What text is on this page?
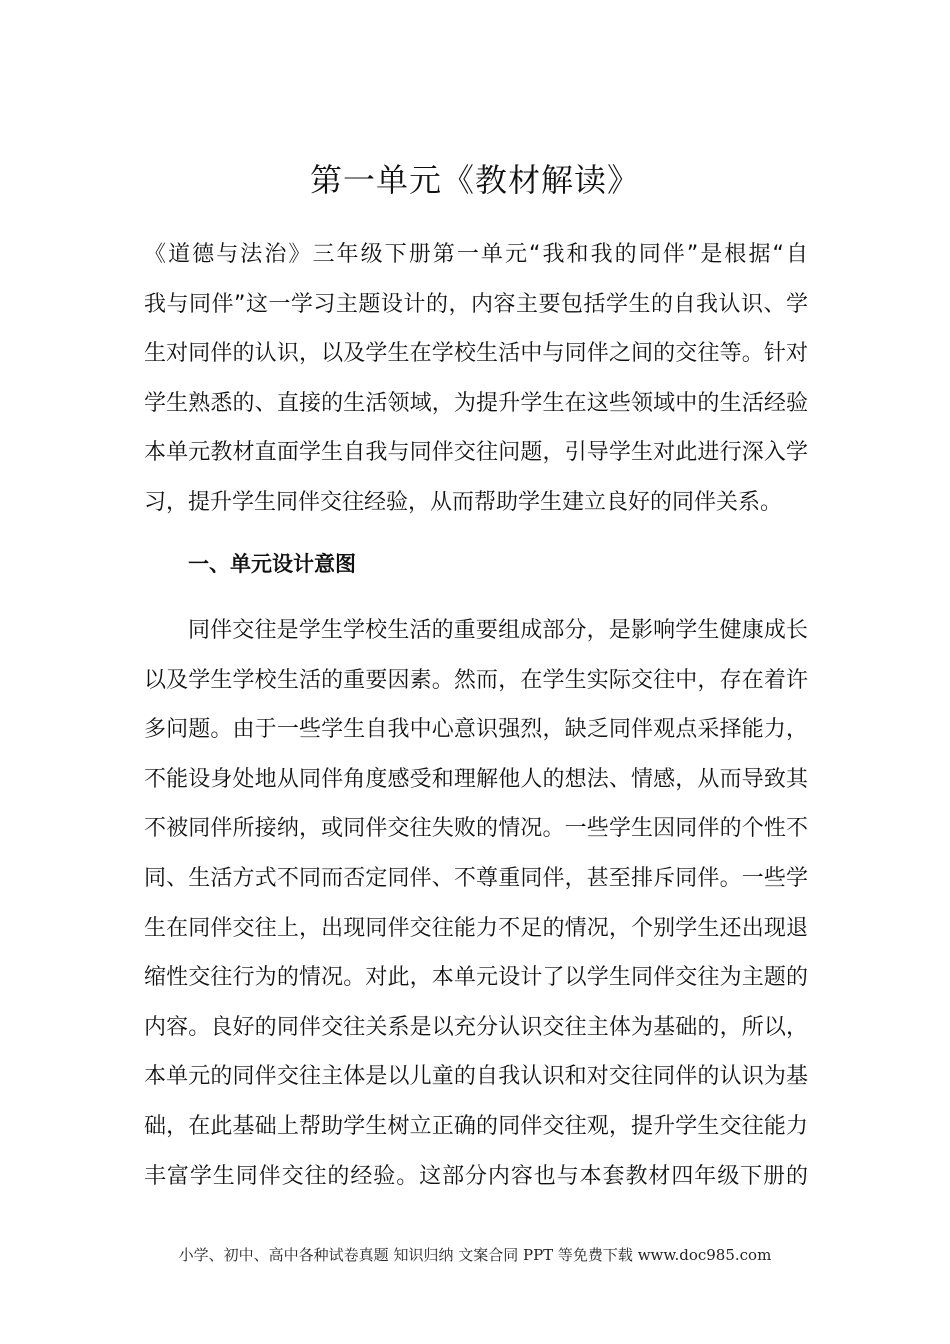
第一单元《教材解读》
《道德与法治》三年级下册第一单元“我和我的同伴”是根据“自
我与同伴”这一学习主题设计的，内容主要包括学生的自我认识、学
生对同伴的认识，以及学生在学校生活中与同伴之间的交往等。针对
学生熟悉的、直接的生活领域，为提升学生在这些领域中的生活经验
本单元教材直面学生自我与同伴交往问题，引导学生对此进行深入学
习，提升学生同伴交往经验，从而帮助学生建立良好的同伴关系。
一、单元设计意图
同伴交往是学生学校生活的重要组成部分，是影响学生健康成长
以及学生学校生活的重要因素。然而，在学生实际交往中，存在着许
多问题。由于一些学生自我中心意识强烈，缺乏同伴观点采择能力，
不能设身处地从同伴角度感受和理解他人的想法、情感，从而导致其
不被同伴所接纳，或同伴交往失败的情况。一些学生因同伴的个性不
同、生活方式不同而否定同伴、不尊重同伴，甚至排斥同伴。一些学
生在同伴交往上，出现同伴交往能力不足的情况，个别学生还出现退
缩性交往行为的情况。对此，本单元设计了以学生同伴交往为主题的
内容。良好的同伴交往关系是以充分认识交往主体为基础的，所以，
本单元的同伴交往主体是以儿童的自我认识和对交往同伴的认识为基
础，在此基础上帮助学生树立正确的同伴交往观，提升学生交往能力
丰富学生同伴交往的经验。这部分内容也与本套教材四年级下册的
小学、初中、高中各种试卷真题 知识归纳 文案合同 PPT 等免费下载 www.doc985.com
